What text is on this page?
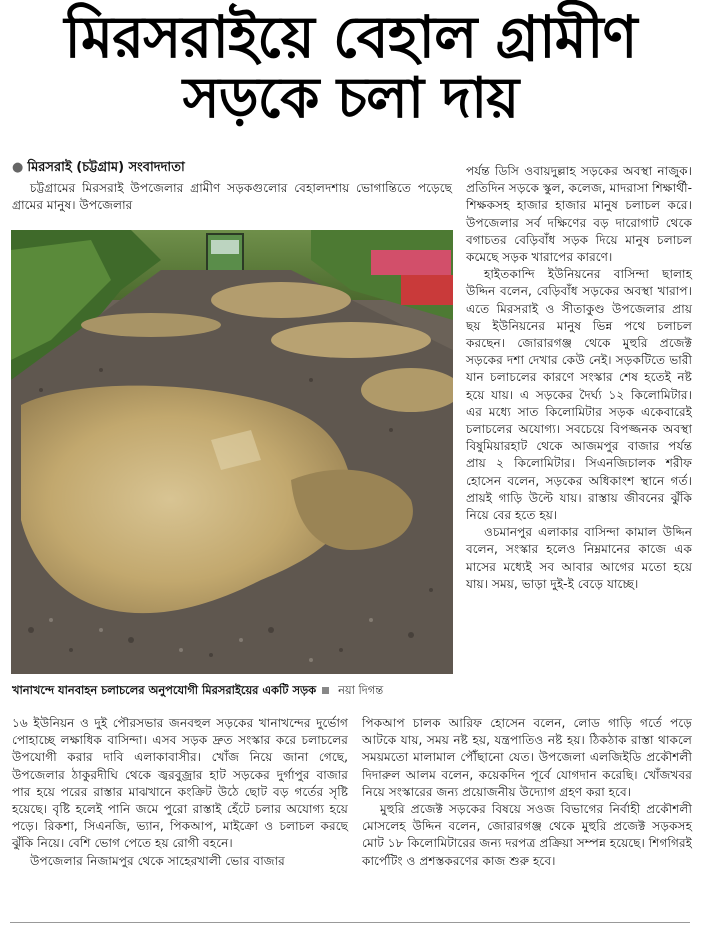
মিরসরাইয়ে বেহাল গ্রামীণ
সড়কে চলা দায়
● মিরসরাই (চট্টগ্রাম) সংবাদদাতা

চট্টগ্রামের মিরসরাই উপজেলার গ্রামীণ সড়কগুলোর বেহালদশায় ভোগান্তিতে পড়েছে গ্রামের মানুষ। উপজেলার

পর্যন্ত ডিসি ওবায়দুল্লাহ সড়কের অবস্থা নাজুক। প্রতিদিন সড়কে স্কুল, কলেজ, মাদরাসা শিক্ষার্থী-শিক্ষকসহ হাজার হাজার মানুষ চলাচল করে। উপজেলার সর্ব দক্ষিণের বড় দারোগাট থেকে বগাচতর বেড়িবাঁধ সড়ক দিয়ে মানুষ চলাচল কমেছে সড়ক খারাপের কারণে।

হাইতকান্দি ইউনিয়নের বাসিন্দা ছালাহ উদ্দিন বলেন, বেড়িবাঁধ সড়কের অবস্থা খারাপ। এতে মিরসরাই ও সীতাকুণ্ড উপজেলার প্রায় ছয় ইউনিয়নের মানুষ ভিন্ন পথে চলাচল করছেন। জোরারগঞ্জ থেকে মুহুরি প্রজেক্ট সড়কের দশা দেখার কেউ নেই। সড়কটিতে ভারী যান চলাচলের কারণে সংস্কার শেষ হতেই নষ্ট হয়ে যায়। এ সড়কের দৈর্ঘ্য ১২ কিলোমিটার। এর মধ্যে সাত কিলোমিটার সড়ক একেবারেই চলাচলের অযোগ্য। সবচেয়ে বিপজ্জনক অবস্থা বিষুমিয়ারহাট থেকে আজমপুর বাজার পর্যন্ত প্রায় ২ কিলোমিটার। সিএনজিচালক শরীফ হোসেন বলেন, সড়কের অধিকাংশ স্থানে গর্ত। প্রায়ই গাড়ি উল্টে যায়। রাস্তায় জীবনের ঝুঁকি নিয়ে বের হতে হয়।

ওচমানপুর এলাকার বাসিন্দা কামাল উদ্দিন বলেন, সংস্কার হলেও নিম্নমানের কাজে এক মাসের মধ্যেই সব আবার আগের মতো হয়ে যায়। সময়, ভাড়া দুই-ই বেড়ে যাচ্ছে।

খানাখন্দে যানবাহন চলাচলের অনুপযোগী মিরসরাইয়ের একটি সড়ক নয়া দিগন্ত

১৬ ইউনিয়ন ও দুই পৌরসভার জনবহুল সড়কের খানাখন্দের দুর্ভোগ পোহাচ্ছে লক্ষাধিক বাসিন্দা। এসব সড়ক দ্রুত সংস্কার করে চলাচলের উপযোগী করার দাবি এলাকাবাসীর। খোঁজ নিয়ে জানা গেছে, উপজেলার ঠাকুরদীঘি থেকে জ্বরবুজ্রার হাট সড়কের দুর্গাপুর বাজার পার হয়ে পরের রাস্তার মাঝখানে কংক্রিট উঠে ছোট বড় গর্তের সৃষ্টি হয়েছে। বৃষ্টি হলেই পানি জমে পুরো রাস্তাই হেঁটে চলার অযোগ্য হয়ে পড়ে। রিকশা, সিএনজি, ভ্যান, পিকআপ, মাইক্রো ও চলাচল করছে ঝুঁকি নিয়ে। বেশি ভোগ পেতে হয় রোগী বহনে।

উপজেলার নিজামপুর থেকে সাহেরখালী ভোর বাজার

পিকআপ চালক আরিফ হোসেন বলেন, লোড গাড়ি গর্তে পড়ে আটকে যায়, সময় নষ্ট হয়, যন্ত্রপাতিও নষ্ট হয়। ঠিকঠাক রাস্তা থাকলে সময়মতো মালামাল পৌঁছানো যেত। উপজেলা এলজিইডি প্রকৌশলী দিদারুল আলম বলেন, কয়েকদিন পূর্বে যোগদান করেছি। খোঁজখবর নিয়ে সংস্কারের জন্য প্রয়োজনীয় উদ্যোগ গ্রহণ করা হবে।

মুহুরি প্রজেক্ট সড়কের বিষয়ে সওজ বিভাগের নির্বাহী প্রকৌশলী মোসলেহ উদ্দিন বলেন, জোরারগঞ্জ থেকে মুহুরি প্রজেক্ট সড়কসহ মোট ১৮ কিলোমিটারের জন্য দরপত্র প্রক্রিয়া সম্পন্ন হয়েছে। শিগগিরই কার্পেটিং ও প্রশস্তকরণের কাজ শুরু হবে।
